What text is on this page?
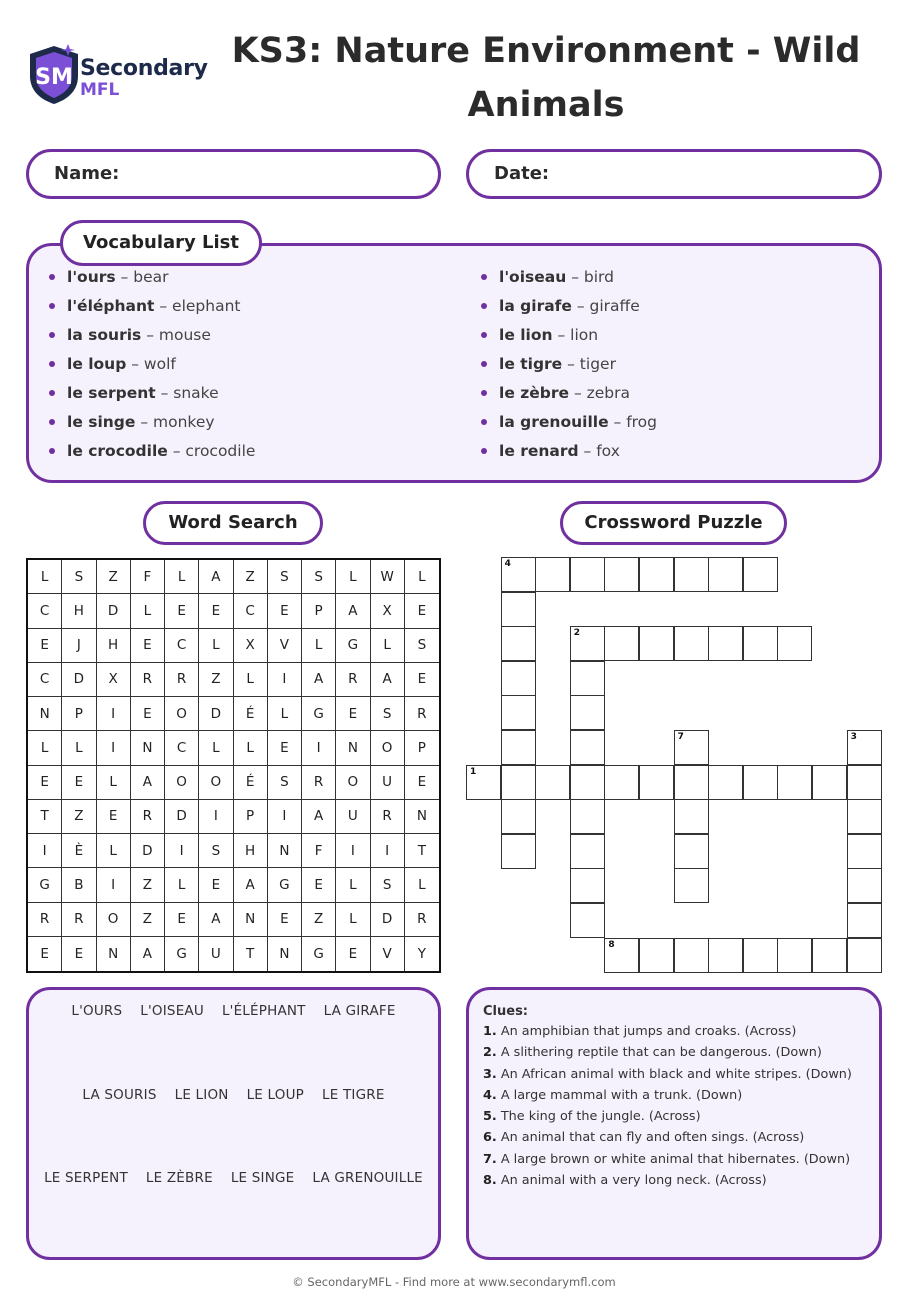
SM Secondary
MFL
KS3: Nature Environment - Wild Animals
Name:	Date:
l'ours – bear
l'éléphant – elephant
la souris – mouse
le loup – wolf
le serpent – snake
le singe – monkey
le crocodile – crocodile
l'oiseau – bird
la girafe – giraffe
le lion – lion
le tigre – tiger
le zèbre – zebra
la grenouille – frog
le renard – fox
Vocabulary List
Word Search	Crossword Puzzle
L	S	Z	F	L	A	Z	S	S	L	W	L
C	H	D	L	E	E	C	E	P	A	X	E
E	J	H	E	C	L	X	V	L	G	L	S
C	D	X	R	R	Z	L	I	A	R	A	E
N	P	I	E	O	D	É	L	G	E	S	R
L	L	I	N	C	L	L	E	I	N	O	P
E	E	L	A	O	O	É	S	R	O	U	E
T	Z	E	R	D	I	P	I	A	U	R	N
I	È	L	D	I	S	H	N	F	I	I	T
G	B	I	Z	L	E	A	G	E	L	S	L
R	R	O	Z	E	A	N	E	Z	L	D	R
E	E	N	A	G	U	T	N	G	E	V	Y
4
2
7	3
1
8
L'OURS L'OISEAU L'ÉLÉPHANT LA GIRAFE
LA SOURIS LE LION LE LOUP LE TIGRE
LE SERPENT LE ZÈBRE LE SINGE LA GRENOUILLE
Clues:
1. An amphibian that jumps and croaks. (Across)
2. A slithering reptile that can be dangerous. (Down)
3. An African animal with black and white stripes. (Down)
4. A large mammal with a trunk. (Down)
5. The king of the jungle. (Across)
6. An animal that can fly and often sings. (Across)
7. A large brown or white animal that hibernates. (Down)
8. An animal with a very long neck. (Across)
© SecondaryMFL - Find more at www.secondarymfl.com
